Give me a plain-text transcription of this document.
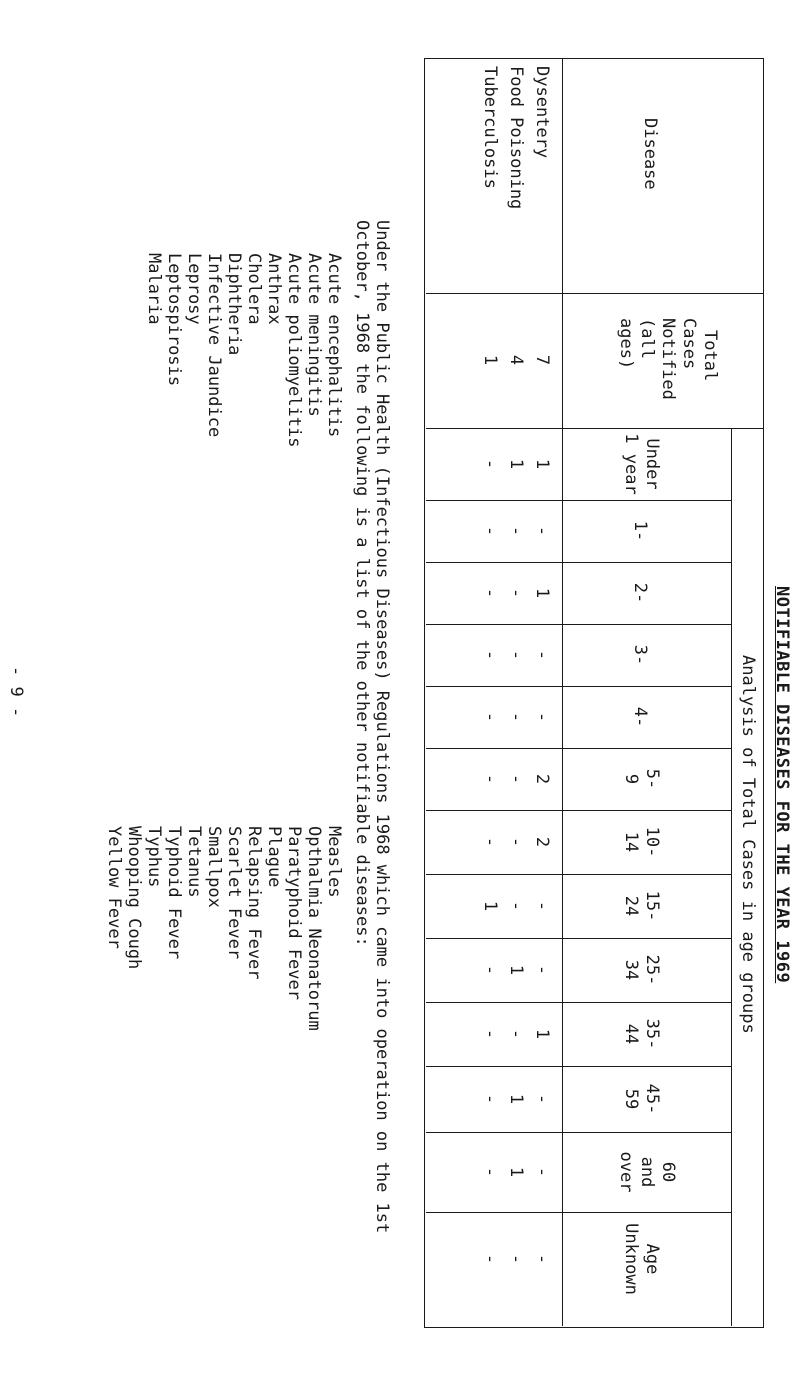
NOTIFIABLE DISEASES FOR THE YEAR 1969
Analysis of Total Cases in age groups
Under
1 year
1-
2-
3-
4-
5-
9
10-
14
15-
24
25-
34
35-
44
45-
59
60
and
over
Age
Unknown
Disease
Total
Cases
Notified
(all
ages)
Dysentery
7
1
-
1
-
-
2
2
-
-
1
-
-
-
Food Poisoning
4
1
-
-
-
-
-
-
-
1
-
1
1
-
Tuberculosis
1
-
-
-
-
-
-
-
1
-
-
-
-
-
Under the Public Health (Infectious Diseases) Regulations 1968 which came into operation on the 1st
October, 1968 the following is a list of the other notifiable diseases:
Acute encephalitis
Acute meningitis
Acute poliomyelitis
Anthrax
Cholera
Diphtheria
Infective Jaundice
Leprosy
Leptospirosis
Malaria
Measles
Opthalmia Neonatorum
Paratyphoid Fever
Plague
Relapsing Fever
Scarlet Fever
Smallpox
Tetanus
Typhoid Fever
Typhus
Whooping Cough
Yellow Fever
- 9 -
